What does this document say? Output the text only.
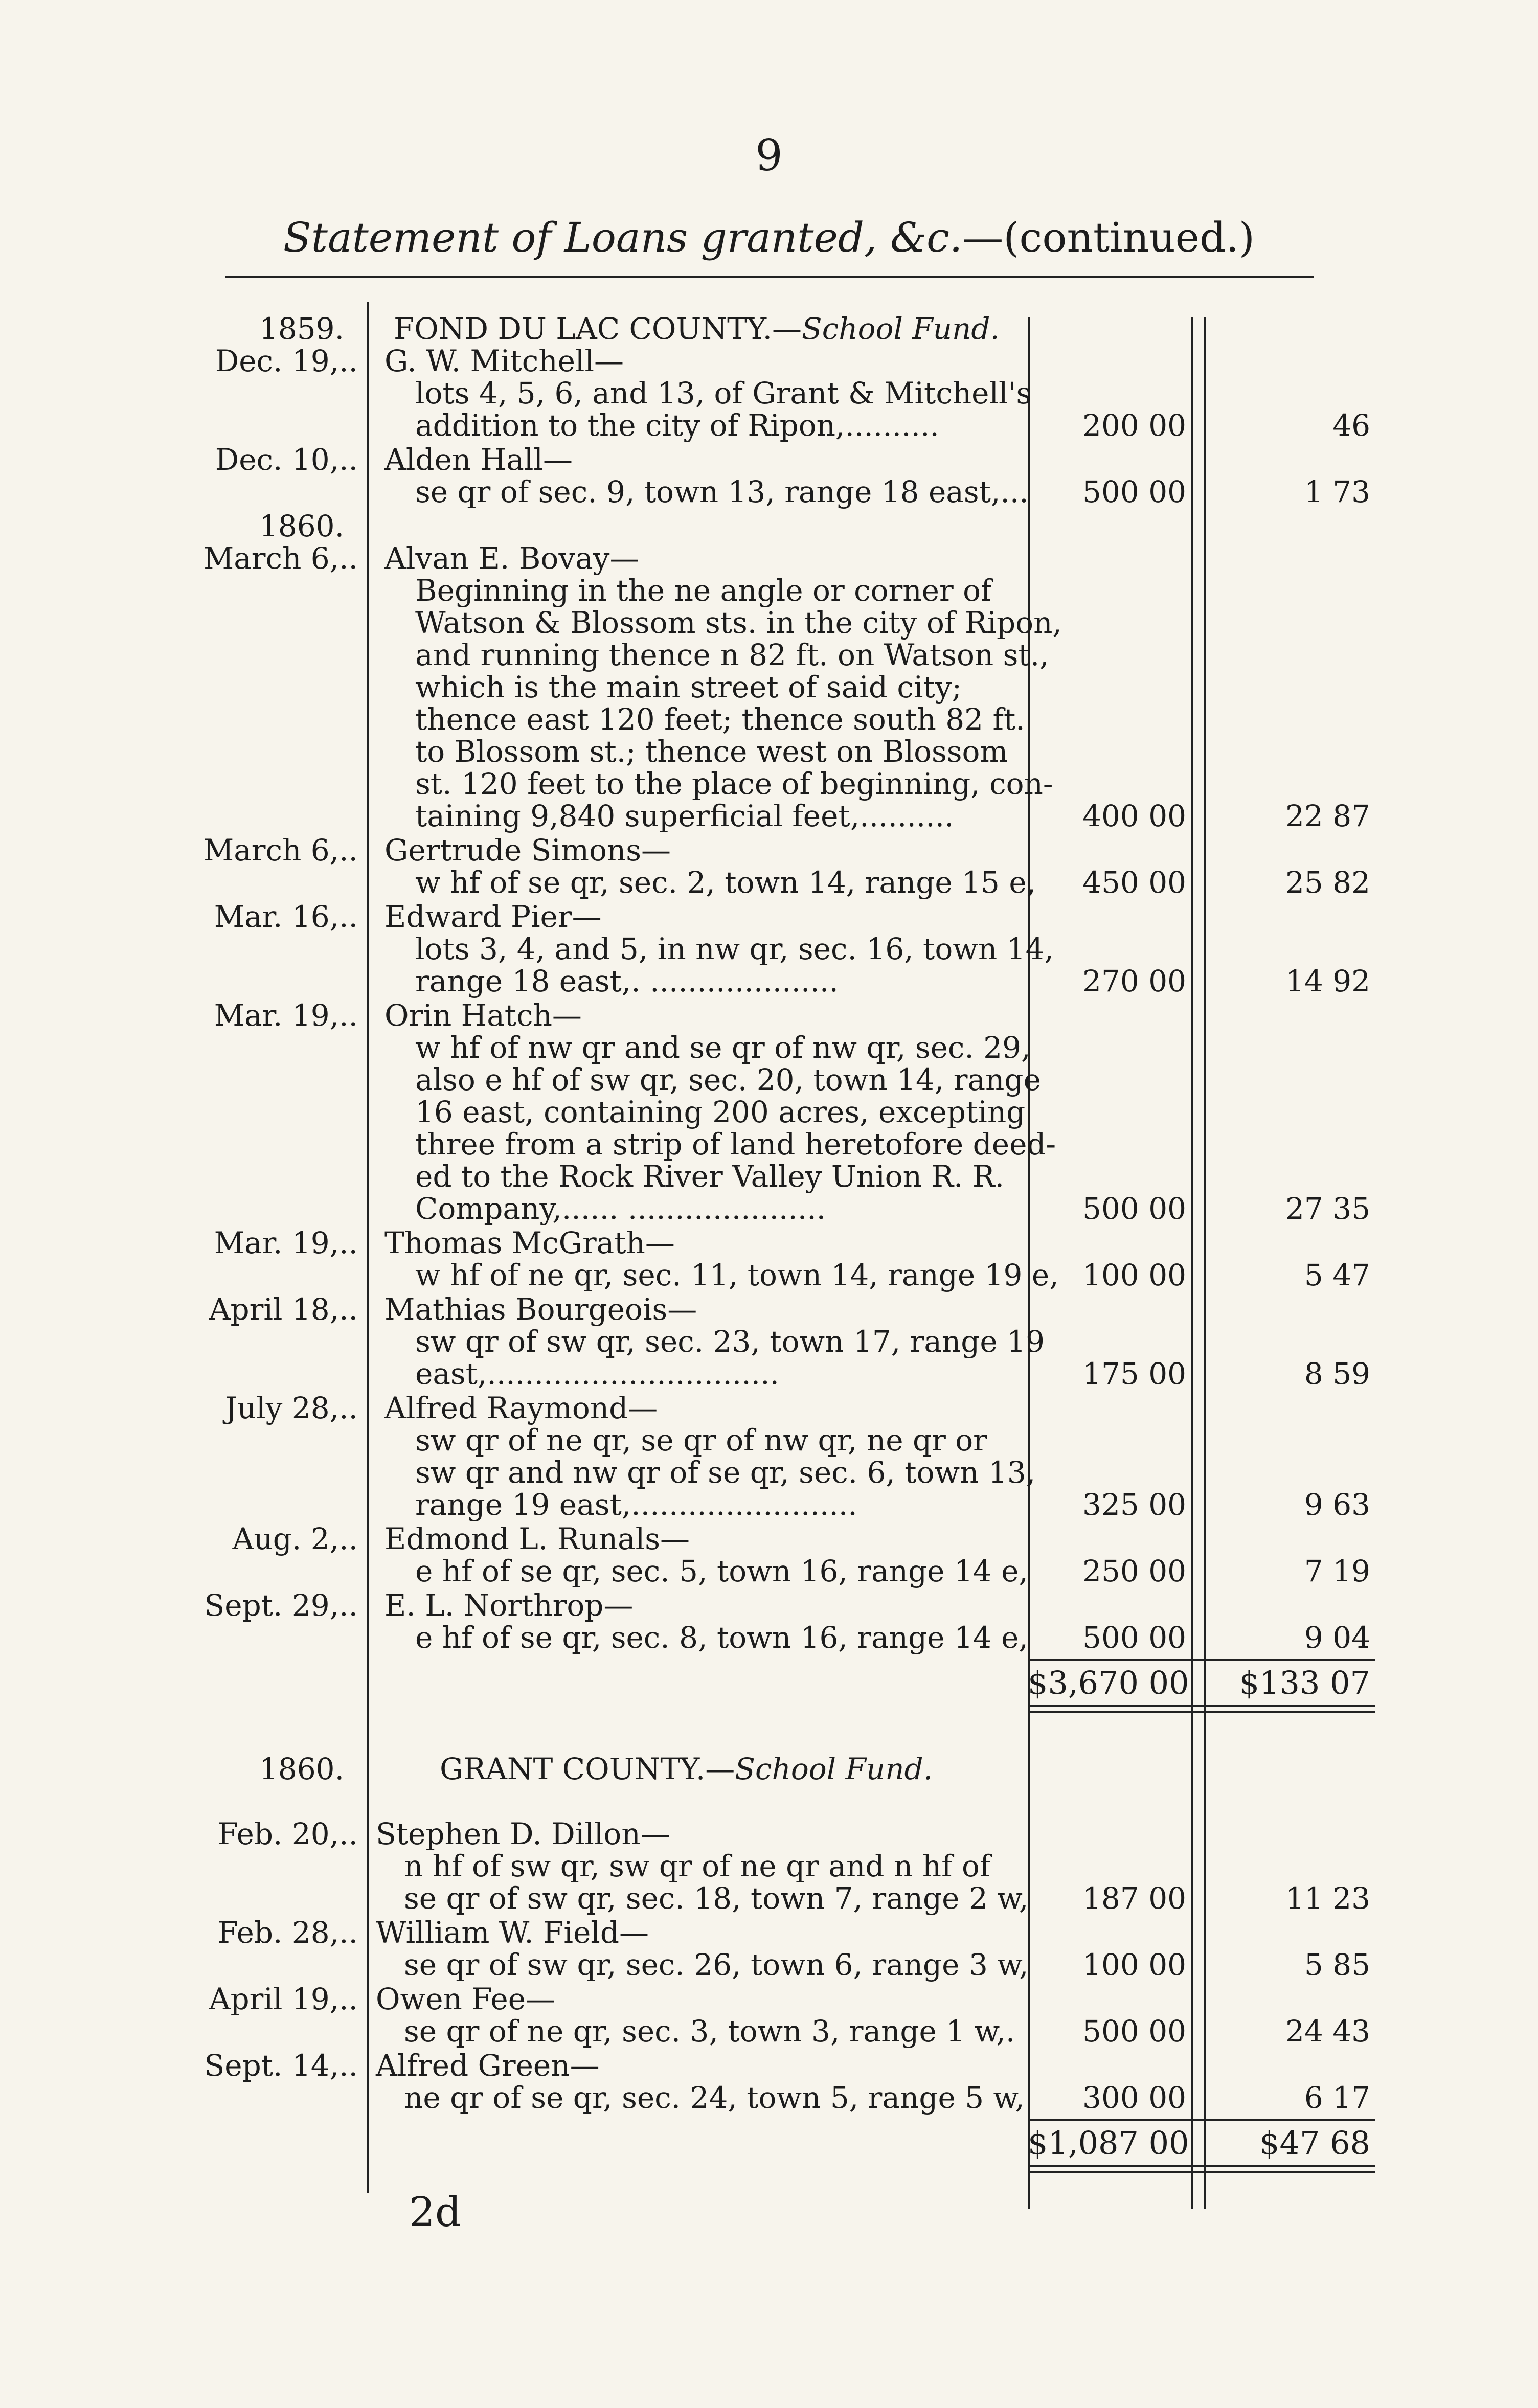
9
Statement of Loans granted, &c.—(continued.)
1859.	FOND DU LAC COUNTY.—School Fund.
Dec. 19,.. G. W. Mitchell—
lots 4, 5, 6, and 13, of Grant & Mitchell's
addition to the city of Ripon,..........	200 00	46
Dec. 10,.. Alden Hall—
se qr of sec. 9, town 13, range 18 east,...	500 00	1 73
1860.
March 6,.. Alvan E. Bovay—
Beginning in the ne angle or corner of
Watson & Blossom sts. in the city of Ripon,
and running thence n 82 ft. on Watson st.,
which is the main street of said city;
thence east 120 feet; thence south 82 ft.
to Blossom st.; thence west on Blossom
st. 120 feet to the place of beginning, con-
taining 9,840 superficial feet,..........	400 00	22 87
March 6,.. Gertrude Simons—
w hf of se qr, sec. 2, town 14, range 15 e,	450 00	25 82
Mar. 16,.. Edward Pier—
lots 3, 4, and 5, in nw qr, sec. 16, town 14,
range 18 east,. ....................	270 00	14 92
Mar. 19,.. Orin Hatch—
w hf of nw qr and se qr of nw qr, sec. 29,
also e hf of sw qr, sec. 20, town 14, range
16 east, containing 200 acres, excepting
three from a strip of land heretofore deed-
ed to the Rock River Valley Union R. R.
Company,...... .....................	500 00	27 35
Mar. 19,.. Thomas McGrath—
w hf of ne qr, sec. 11, town 14, range 19 e, 100 00	5 47
April 18,.. Mathias Bourgeois—
sw qr of sw qr, sec. 23, town 17, range 19
east,...............................	175 00	8 59
July 28,.. Alfred Raymond—
sw qr of ne qr, se qr of nw qr, ne qr or
sw qr and nw qr of se qr, sec. 6, town 13,
range 19 east,........................	325 00	9 63
Aug. 2,.. Edmond L. Runals—
e hf of se qr, sec. 5, town 16, range 14 e,	250 00	7 19
Sept. 29,.. E. L. Northrop—
e hf of se qr, sec. 8, town 16, range 14 e,	500 00	9 04
$3,670 00	$133 07
1860.	GRANT COUNTY.—School Fund.
Feb. 20,.. Stephen D. Dillon—
n hf of sw qr, sw qr of ne qr and n hf of
se qr of sw qr, sec. 18, town 7, range 2 w,	187 00	11 23
Feb. 28,.. William W. Field—
se qr of sw qr, sec. 26, town 6, range 3 w,	100 00	5 85
April 19,.. Owen Fee—
se qr of ne qr, sec. 3, town 3, range 1 w,.	500 00	24 43
Sept. 14,.. Alfred Green—
ne qr of se qr, sec. 24, town 5, range 5 w,	300 00	6 17
$1,087 00	$47 68
2d
